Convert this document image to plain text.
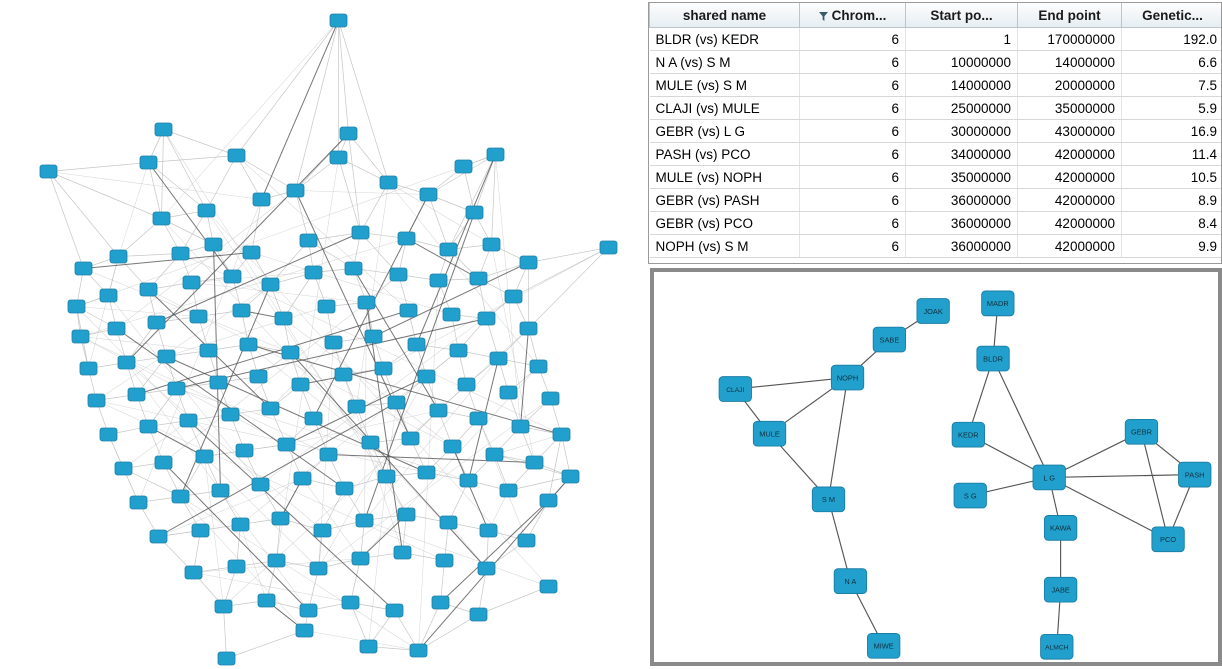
shared name	Chrom...	Start po...	End point	Genetic...
BLDR (vs) KEDR	6	1	170000000	192.0
N A (vs) S M	6	10000000	14000000	6.6
MULE (vs) S M	6	14000000	20000000	7.5
CLAJI (vs) MULE	6	25000000	35000000	5.9
GEBR (vs) L G	6	30000000	43000000	16.9
PASH (vs) PCO	6	34000000	42000000	11.4
MULE (vs) NOPH	6	35000000	42000000	10.5
GEBR (vs) PASH	6	36000000	42000000	8.9
GEBR (vs) PCO	6	36000000	42000000	8.4
NOPH (vs) S M	6	36000000	42000000	9.9
JOAK
MADR
SABE
BLDR
NOPH
CLAJI
GEBR
KEDR
MULE
L G	PASH
S G
S M
KAWA
PCO
JABE
N A
ALMCH
MIWE
